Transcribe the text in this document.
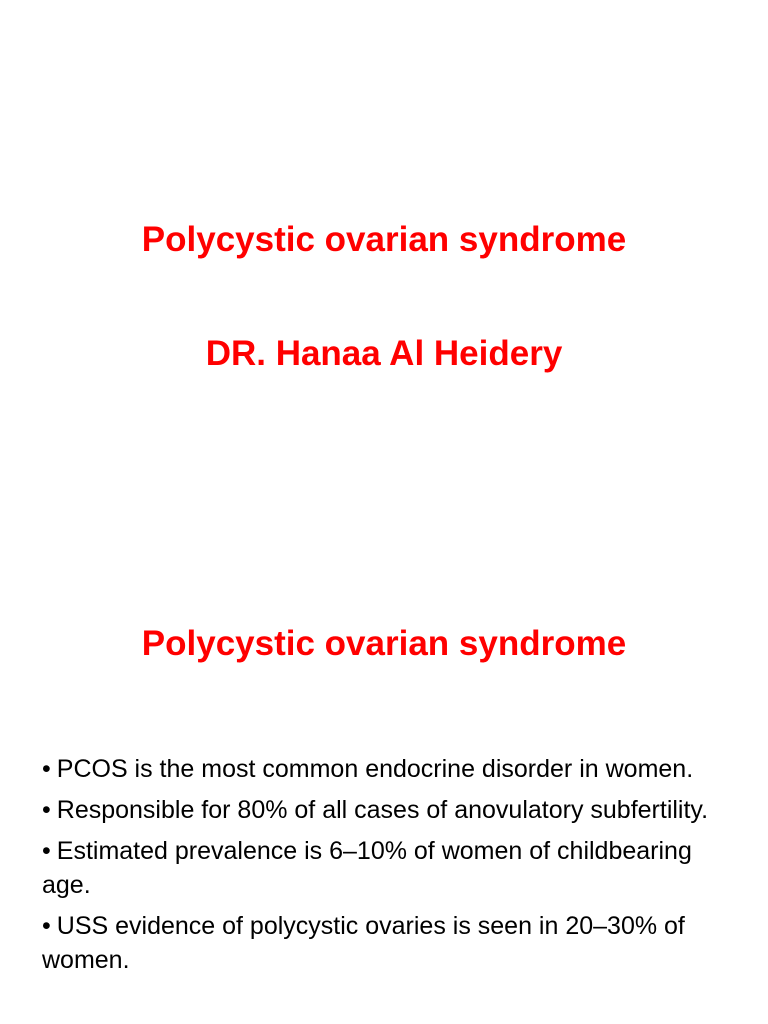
Polycystic ovarian syndrome
DR. Hanaa Al Heidery
Polycystic ovarian syndrome
• PCOS is the most common endocrine disorder in women.
• Responsible for 80% of all cases of anovulatory subfertility.
• Estimated prevalence is 6–10% of women of childbearing age.
• USS evidence of polycystic ovaries is seen in 20–30% of women.
